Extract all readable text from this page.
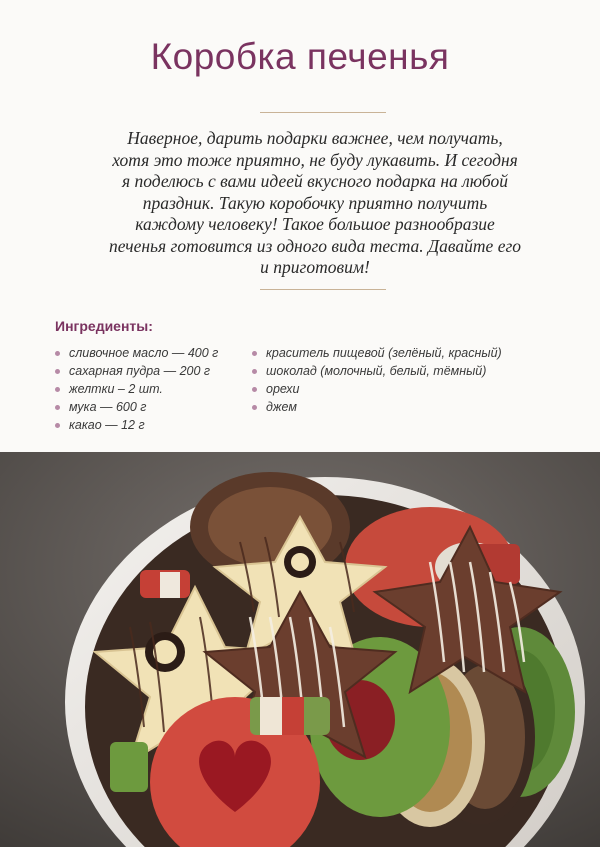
Коробка печенья
Наверное, дарить подарки важнее, чем получать,
хотя это тоже приятно, не буду лукавить. И сегодня
я поделюсь с вами идеей вкусного подарка на любой
праздник. Такую коробочку приятно получить
каждому человеку! Такое большое разнообразие
печенья готовится из одного вида теста. Давайте его
и приготовим!
Ингредиенты:
сливочное масло — 400 г
сахарная пудра — 200 г
желтки – 2 шт.
мука — 600 г
какао — 12 г
краситель пищевой (зелёный, красный)
шоколад (молочный, белый, тёмный)
орехи
джем
